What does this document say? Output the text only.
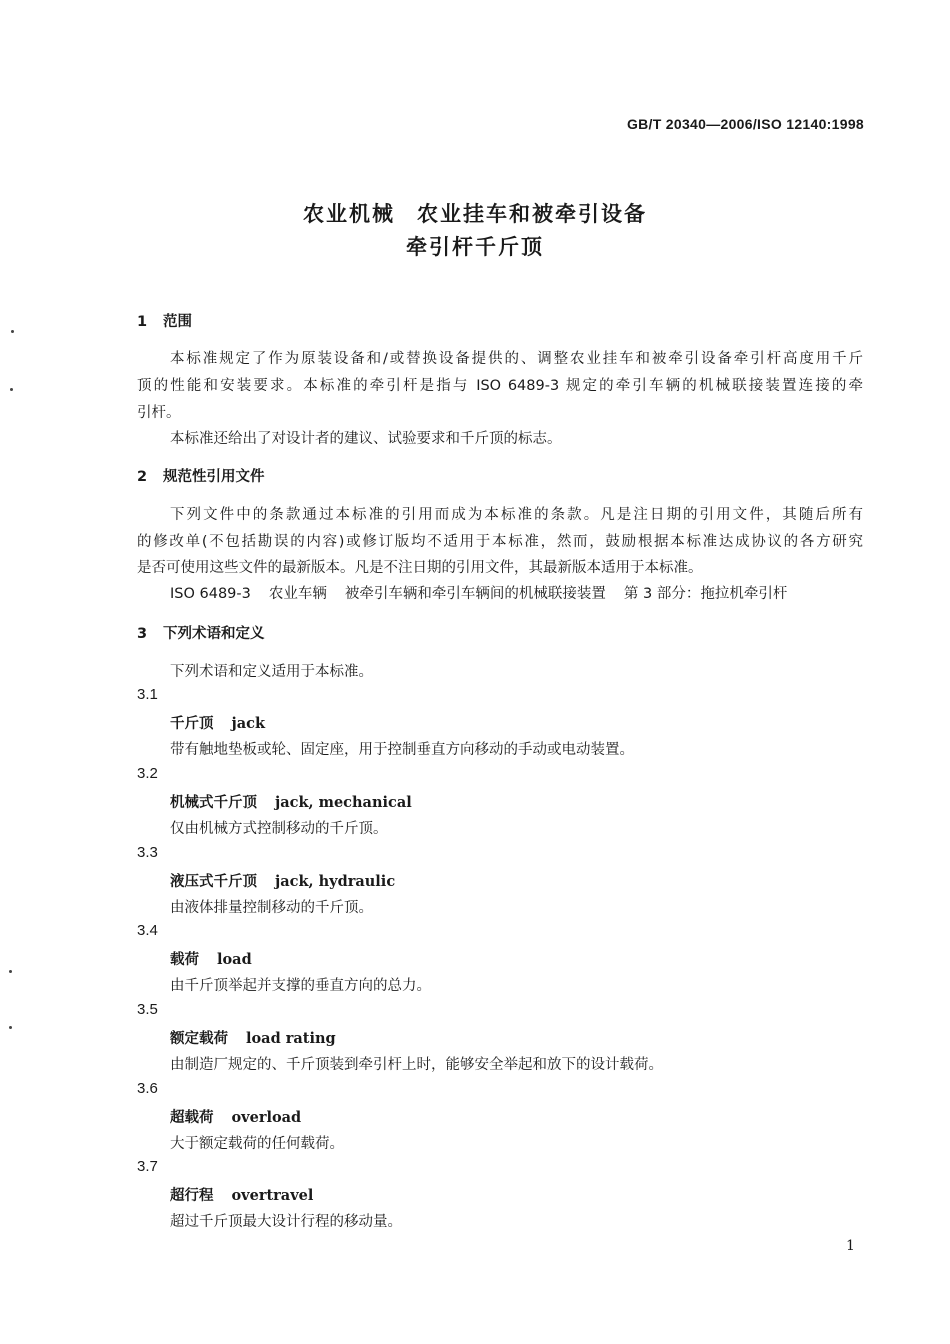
GB/T 20340—2006/ISO 12140:1998
农业机械 农业挂车和被牵引设备
牵引杆千斤顶
1 范围
本标准规定了作为原装设备和/或替换设备提供的、调整农业挂车和被牵引设备牵引杆高度用千斤
顶的性能和安装要求。本标准的牵引杆是指与 ISO 6489-3 规定的牵引车辆的机械联接装置连接的牵
引杆。
本标准还给出了对设计者的建议、试验要求和千斤顶的标志。
2 规范性引用文件
下列文件中的条款通过本标准的引用而成为本标准的条款。凡是注日期的引用文件，其随后所有
的修改单(不包括勘误的内容)或修订版均不适用于本标准，然而，鼓励根据本标准达成协议的各方研究
是否可使用这些文件的最新版本。凡是不注日期的引用文件，其最新版本适用于本标准。
ISO 6489-3 农业车辆 被牵引车辆和牵引车辆间的机械联接装置 第 3 部分：拖拉机牵引杆
3 下列术语和定义
下列术语和定义适用于本标准。
3.1
千斤顶 jack
带有触地垫板或轮、固定座，用于控制垂直方向移动的手动或电动装置。
3.2
机械式千斤顶 jack, mechanical
仅由机械方式控制移动的千斤顶。
3.3
液压式千斤顶 jack, hydraulic
由液体排量控制移动的千斤顶。
3.4
载荷 load
由千斤顶举起并支撑的垂直方向的总力。
3.5
额定载荷 load rating
由制造厂规定的、千斤顶装到牵引杆上时，能够安全举起和放下的设计载荷。
3.6
超载荷 overload
大于额定载荷的任何载荷。
3.7
超行程 overtravel
超过千斤顶最大设计行程的移动量。
1
